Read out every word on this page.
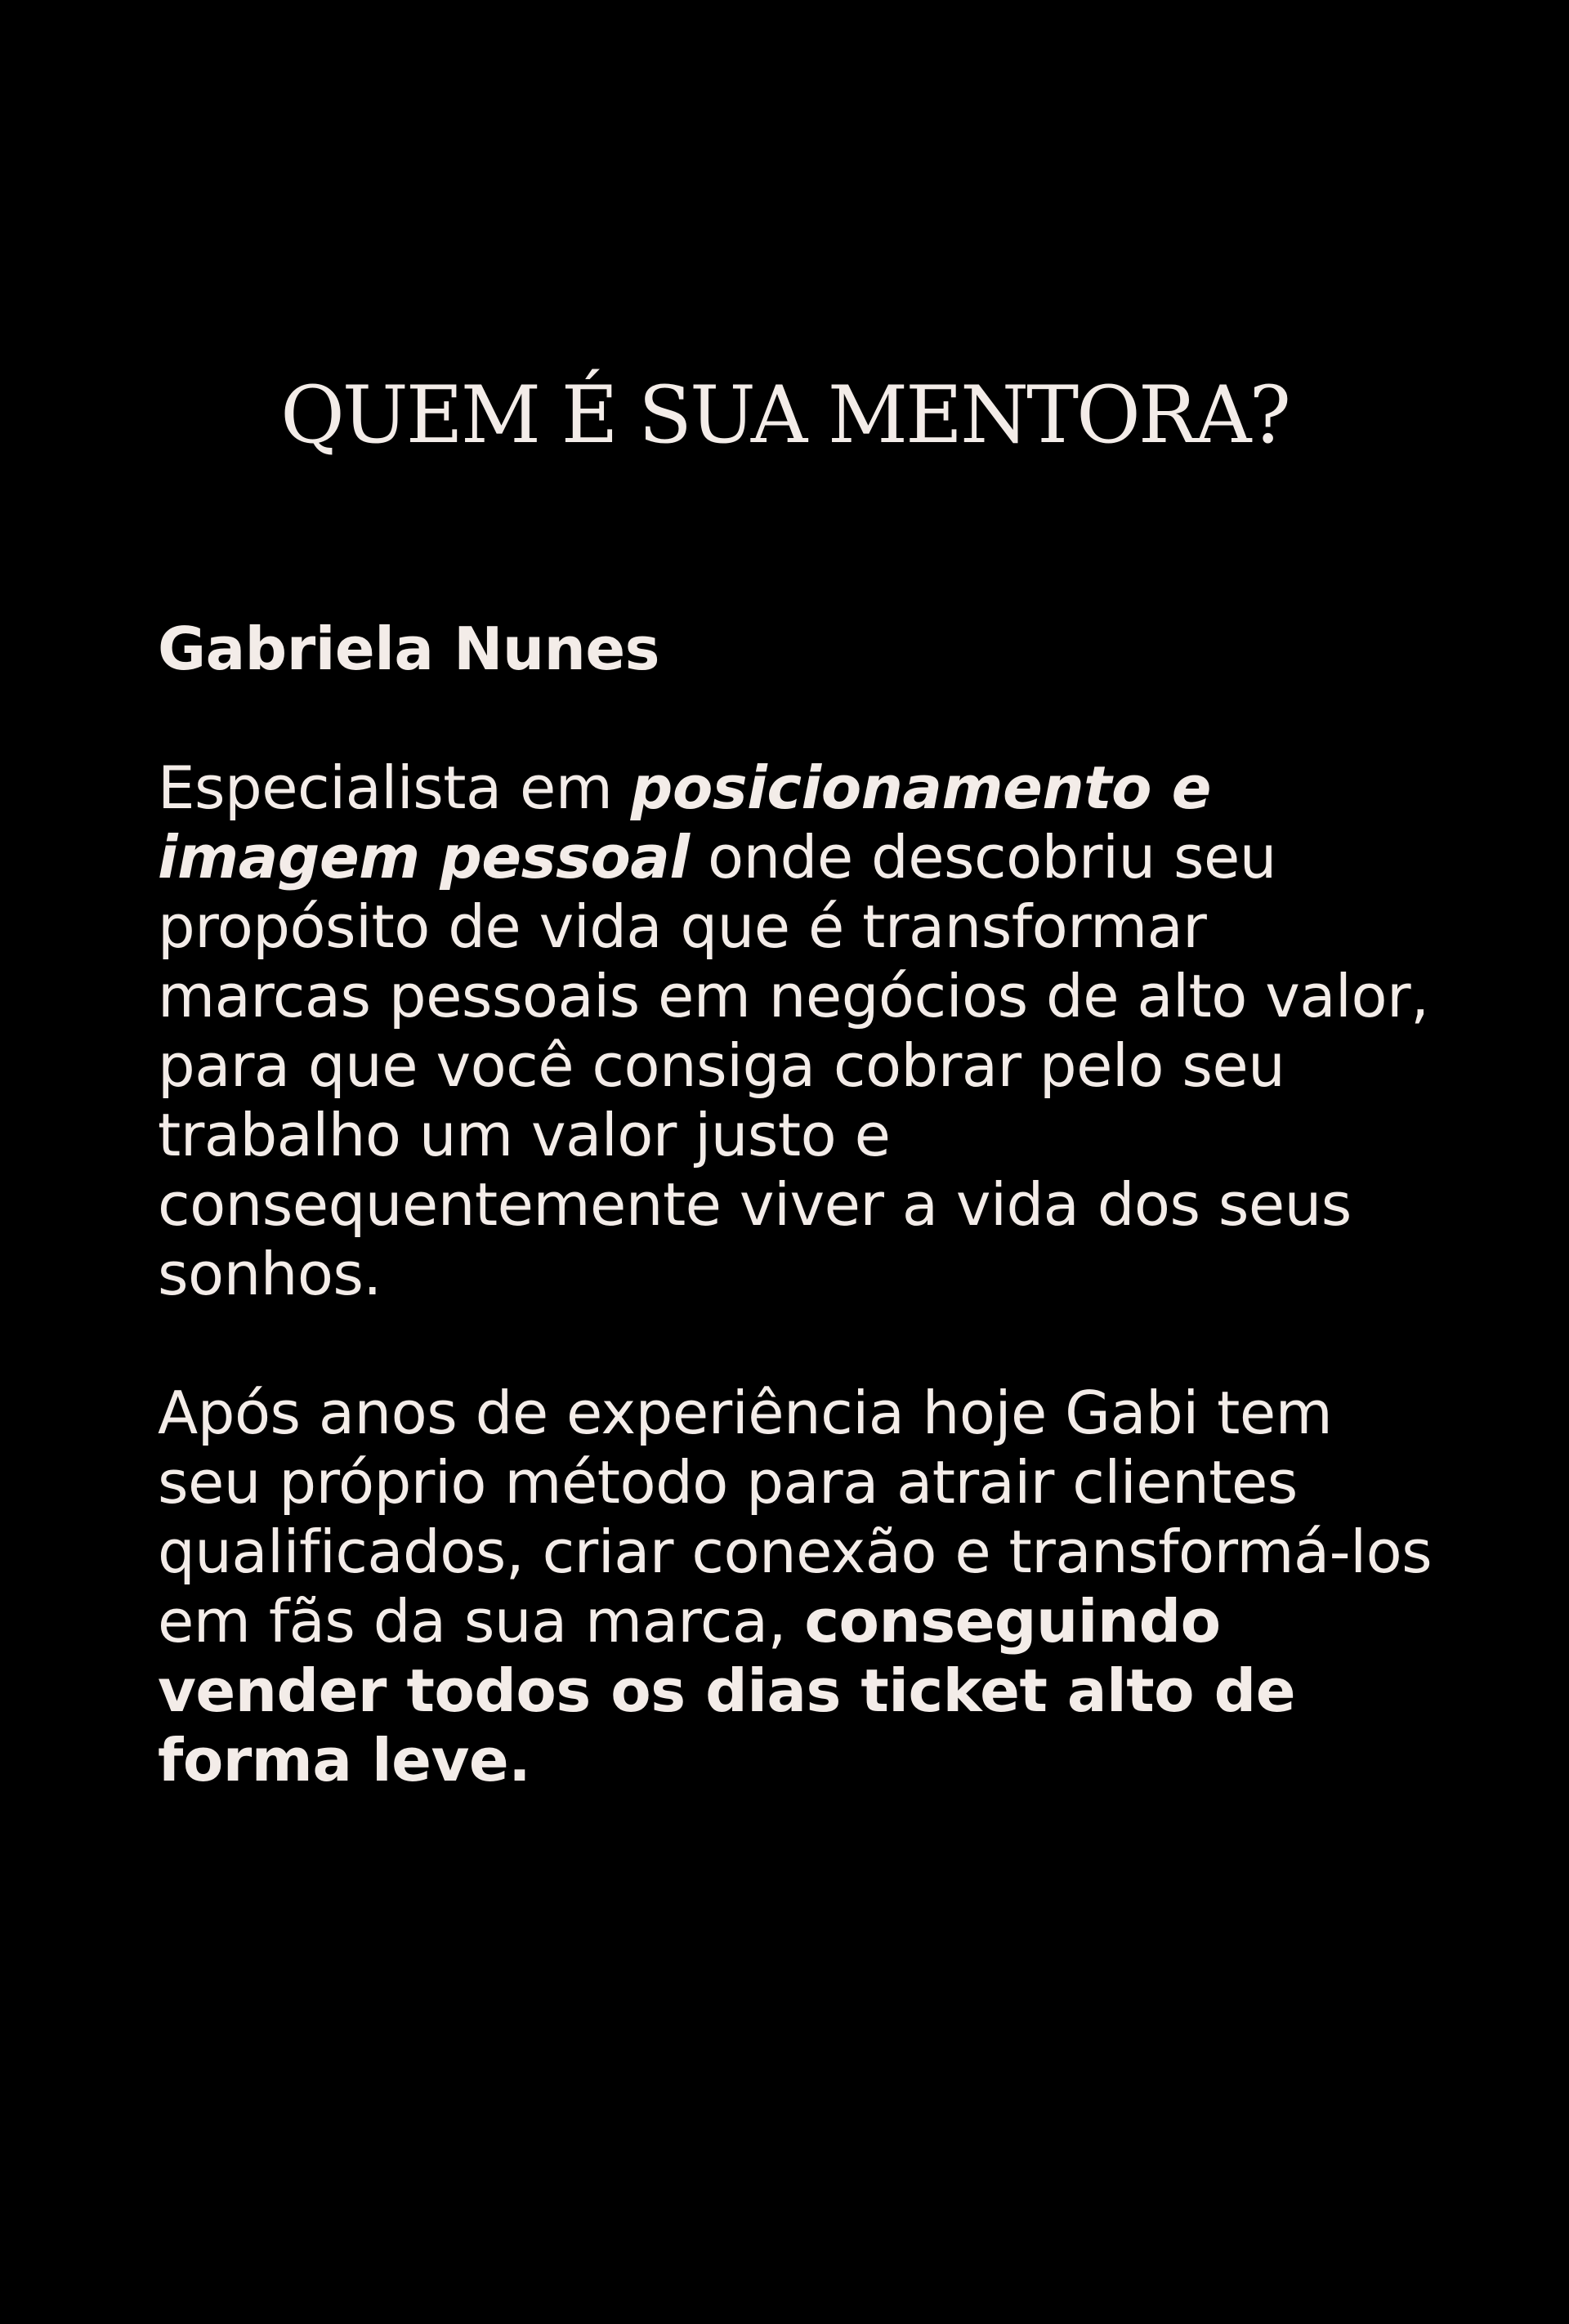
QUEM É SUA MENTORA?

Gabriela Nunes

Especialista em posicionamento e imagem pessoal onde descobriu seu propósito de vida que é transformar marcas pessoais em negócios de alto valor, para que você consiga cobrar pelo seu trabalho um valor justo e consequentemente viver a vida dos seus sonhos.

Após anos de experiência hoje Gabi tem seu próprio método para atrair clientes qualificados, criar conexão e transformá-los em fãs da sua marca, conseguindo vender todos os dias ticket alto de forma leve.
